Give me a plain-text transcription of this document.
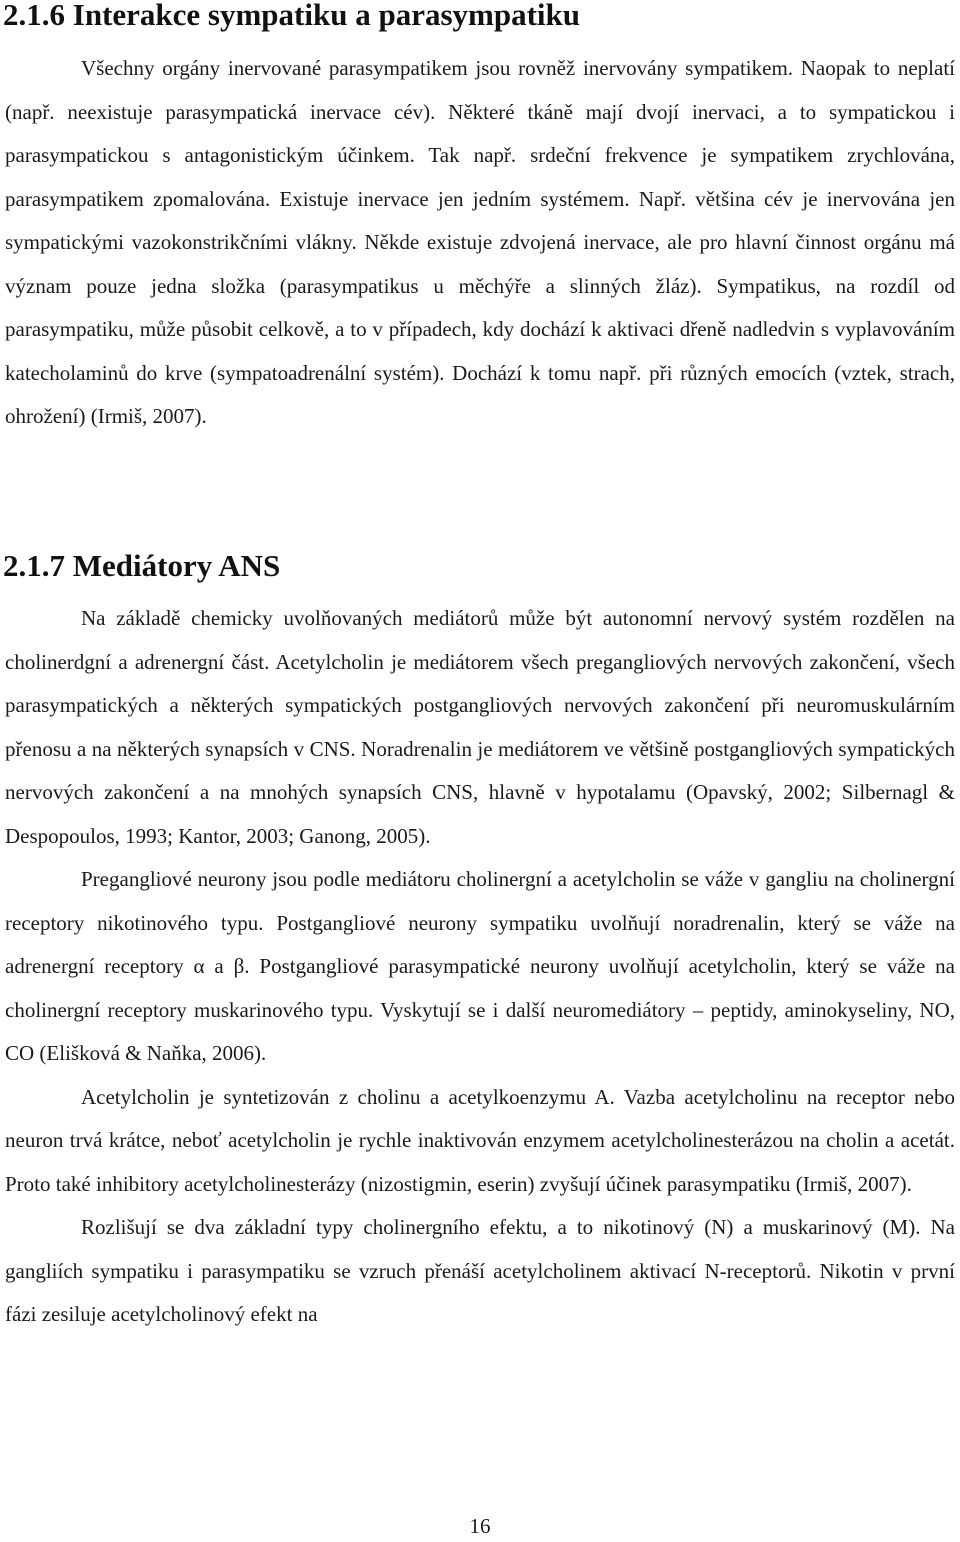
2.1.6 Interakce sympatiku a parasympatiku

Všechny orgány inervované parasympatikem jsou rovněž inervovány sympatikem. Naopak to neplatí (např. neexistuje parasympatická inervace cév). Některé tkáně mají dvojí inervaci, a to sympatickou i parasympatickou s antagonistickým účinkem. Tak např. srdeční frekvence je sympatikem zrychlována, parasympatikem zpomalována. Existuje inervace jen jedním systémem. Např. většina cév je inervována jen sympatickými vazokonstrikčními vlákny. Někde existuje zdvojená inervace, ale pro hlavní činnost orgánu má význam pouze jedna složka (parasympatikus u měchýře a slinných žláz). Sympatikus, na rozdíl od parasympatiku, může působit celkově, a to v případech, kdy dochází k aktivaci dřeně nadledvin s vyplavováním katecholaminů do krve (sympatoadrenální systém). Dochází k tomu např. při různých emocích (vztek, strach, ohrožení) (Irmiš, 2007).

2.1.7 Mediátory ANS

Na základě chemicky uvolňovaných mediátorů může být autonomní nervový systém rozdělen na cholinerdgní a adrenergní část. Acetylcholin je mediátorem všech pregangliových nervových zakončení, všech parasympatických a některých sympatických postgangliových nervových zakončení při neuromuskulárním přenosu a na některých synapsích v CNS. Noradrenalin je mediátorem ve většině postgangliových sympatických nervových zakončení a na mnohých synapsích CNS, hlavně v hypotalamu (Opavský, 2002; Silbernagl & Despopoulos, 1993; Kantor, 2003; Ganong, 2005).

Pregangliové neurony jsou podle mediátoru cholinergní a acetylcholin se váže v gangliu na cholinergní receptory nikotinového typu. Postgangliové neurony sympatiku uvolňují noradrenalin, který se váže na adrenergní receptory α a β. Postgangliové parasympatické neurony uvolňují acetylcholin, který se váže na cholinergní receptory muskarinového typu. Vyskytují se i další neuromediátory – peptidy, aminokyseliny, NO, CO (Elišková & Naňka, 2006).

Acetylcholin je syntetizován z cholinu a acetylkoenzymu A. Vazba acetylcholinu na receptor nebo neuron trvá krátce, neboť acetylcholin je rychle inaktivován enzymem acetylcholinesterázou na cholin a acetát. Proto také inhibitory acetylcholinesterázy (nizostigmin, eserin) zvyšují účinek parasympatiku (Irmiš, 2007).

Rozlišují se dva základní typy cholinergního efektu, a to nikotinový (N) a muskarinový (M). Na gangliích sympatiku i parasympatiku se vzruch přenáší acetylcholinem aktivací N-receptorů. Nikotin v první fázi zesiluje acetylcholinový efekt na

16
